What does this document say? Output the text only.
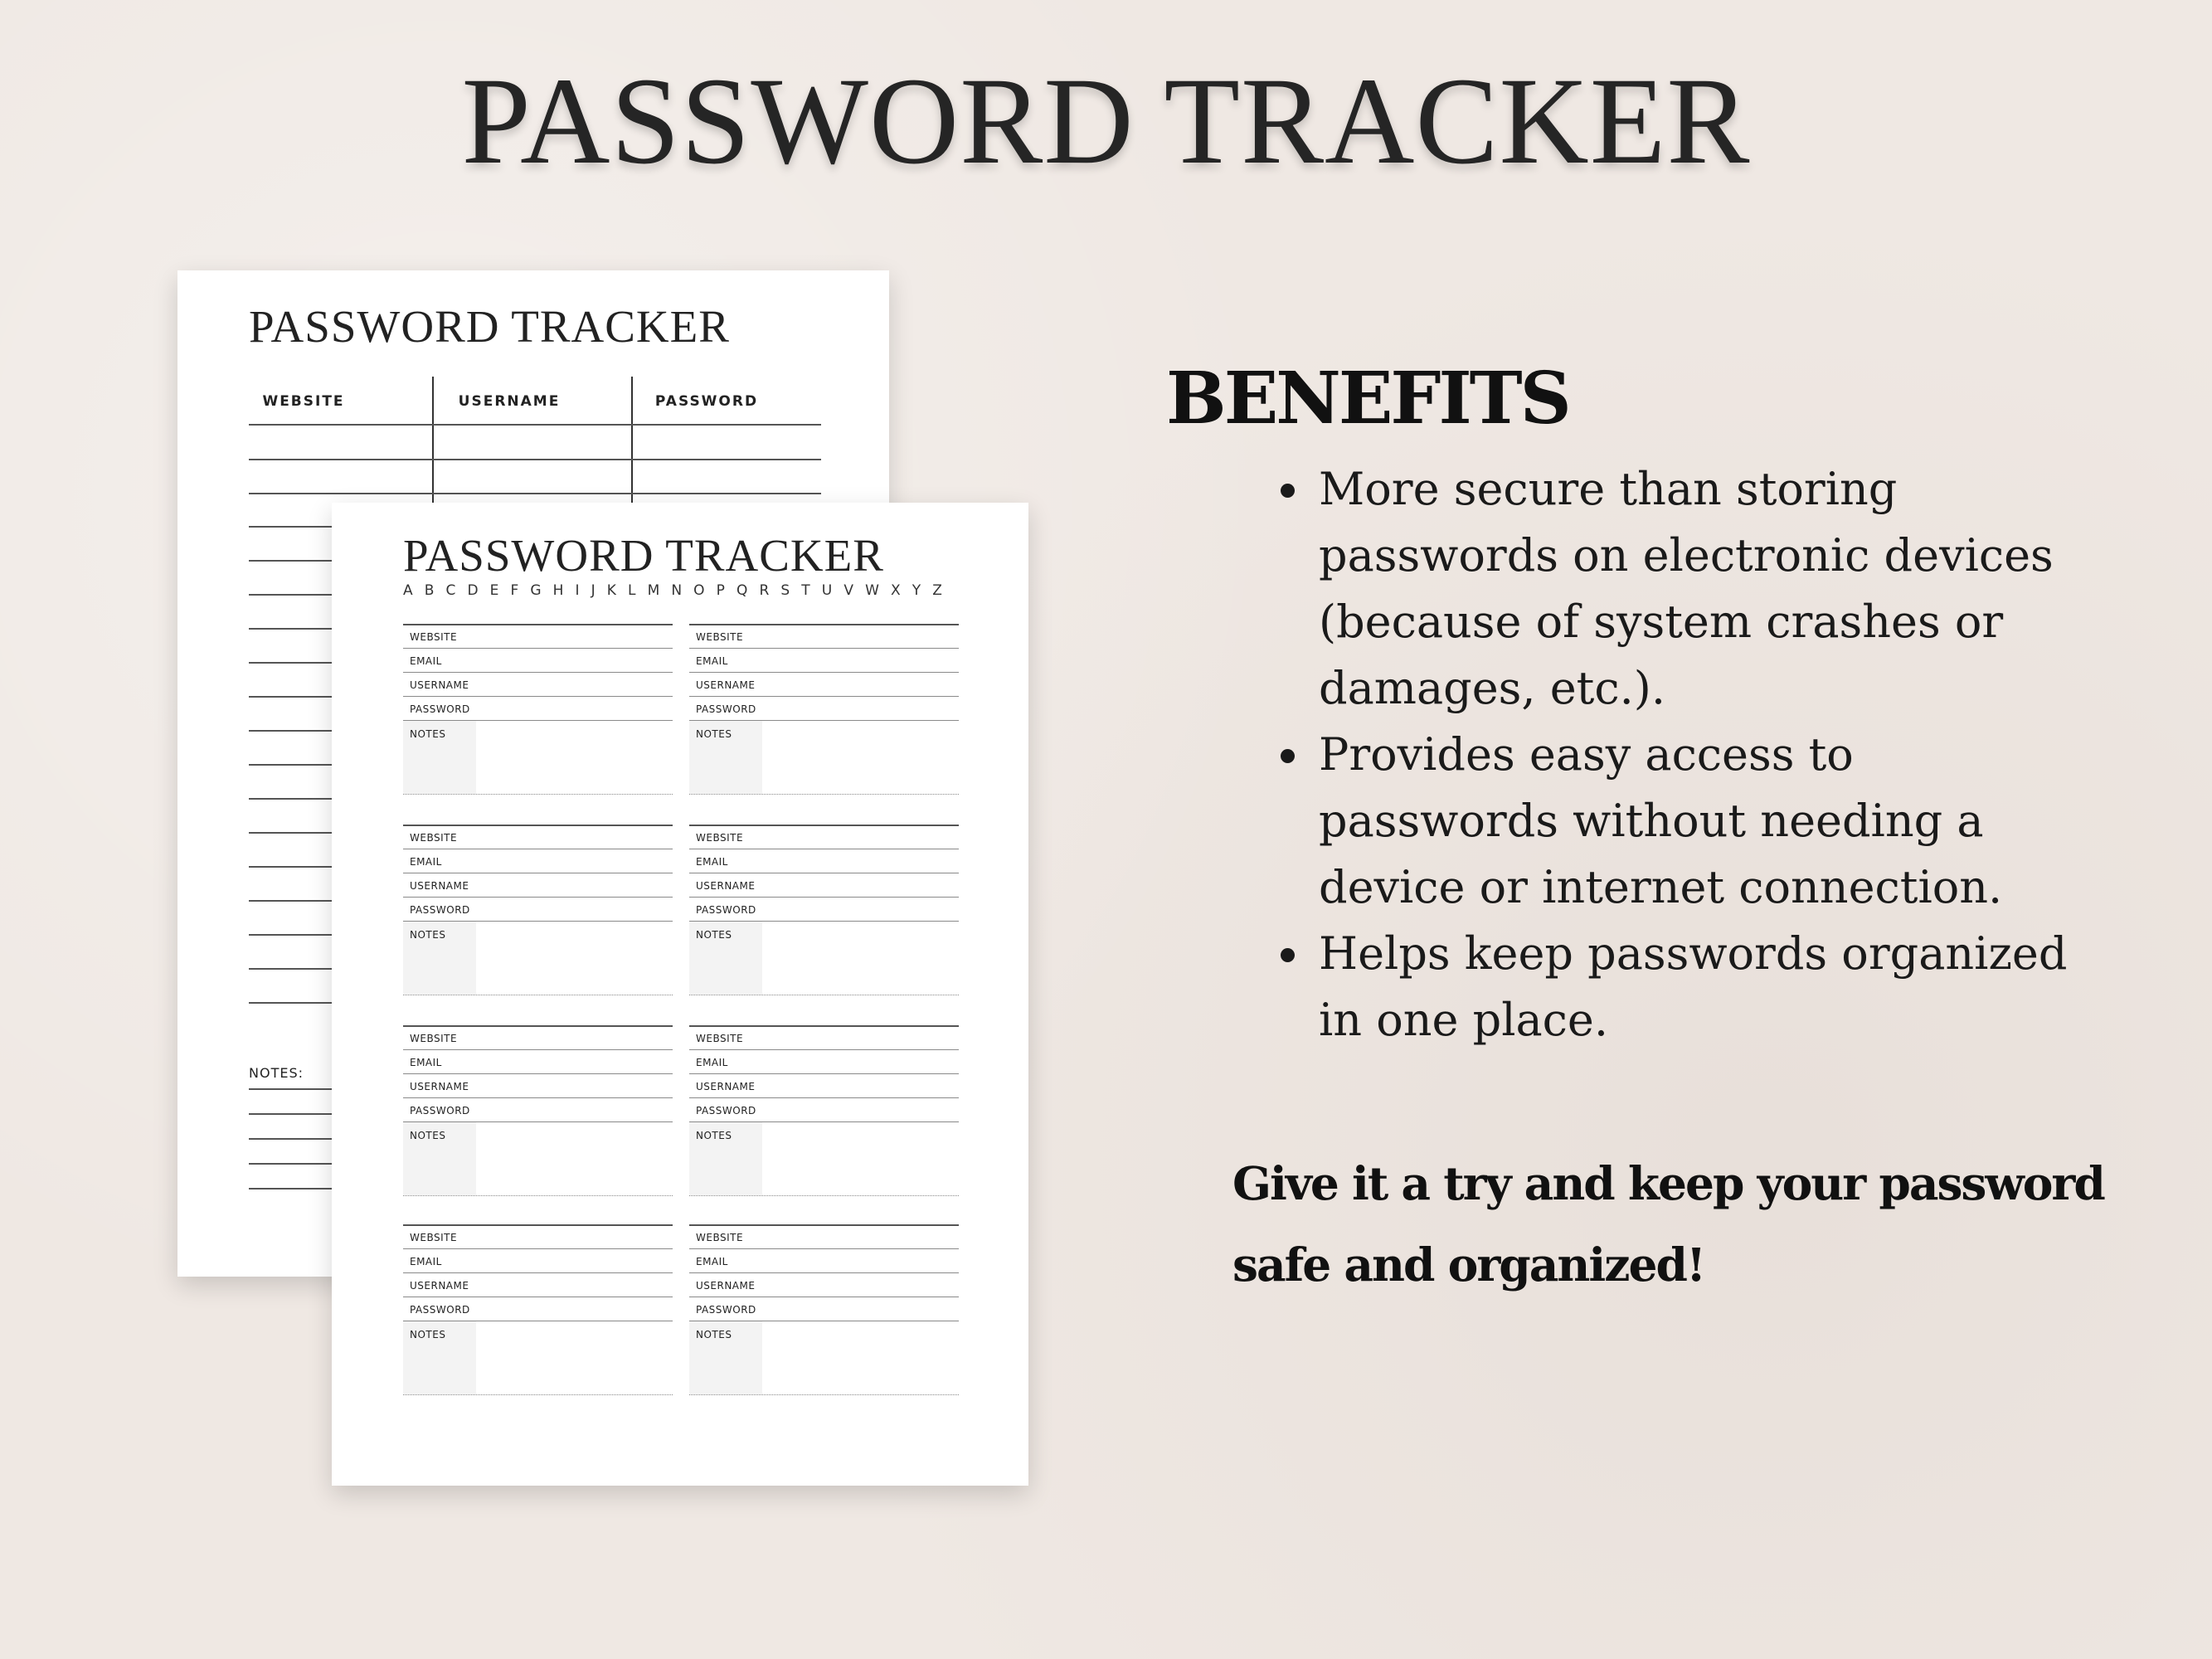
PASSWORD TRACKER
PASSWORD TRACKER
WEBSITE	USERNAME	PASSWORD
NOTES:
PASSWORD TRACKER
A B C D E F G H I J K L M N O P Q R S T U V W X Y Z
WEBSITE
EMAIL
USERNAME
PASSWORD
NOTES
WEBSITE
EMAIL
USERNAME
PASSWORD
NOTES
WEBSITE
EMAIL
USERNAME
PASSWORD
NOTES
WEBSITE
EMAIL
USERNAME
PASSWORD
NOTES
WEBSITE
EMAIL
USERNAME
PASSWORD
NOTES
WEBSITE
EMAIL
USERNAME
PASSWORD
NOTES
WEBSITE
EMAIL
USERNAME
PASSWORD
NOTES
WEBSITE
EMAIL
USERNAME
PASSWORD
NOTES
BENEFITS
• More secure than storing passwords on electronic devices (because of system crashes or damages, etc.).
• Provides easy access to passwords without needing a device or internet connection.
• Helps keep passwords organized in one place.

Give it a try and keep your password safe and organized!
